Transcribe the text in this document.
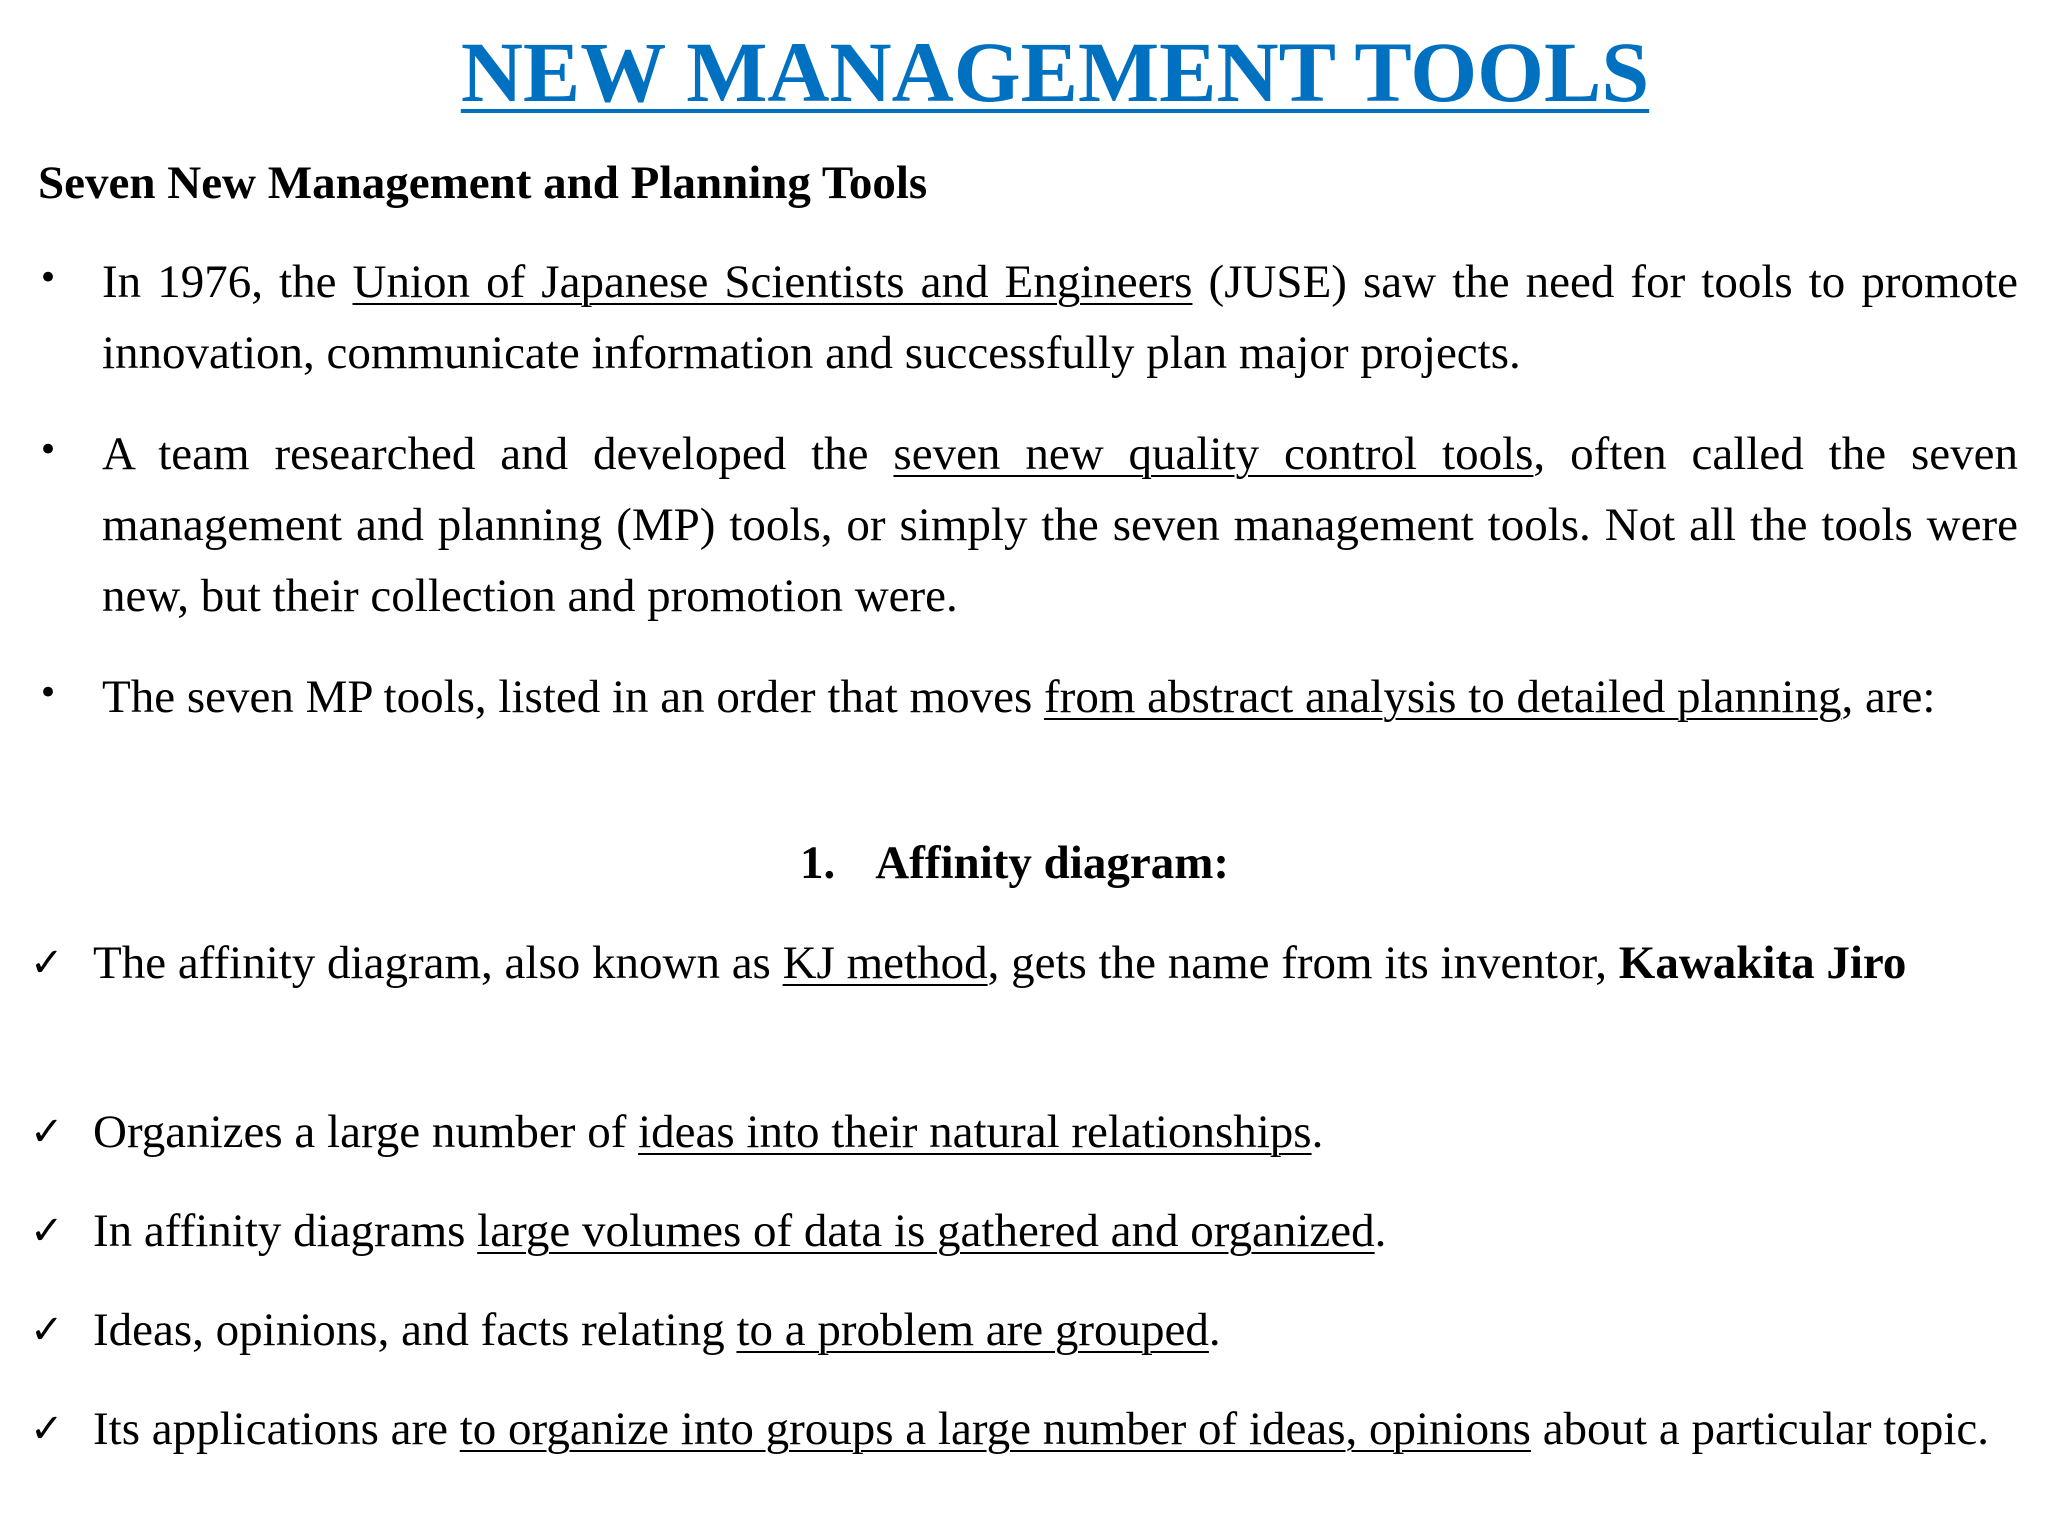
NEW MANAGEMENT TOOLS
Seven New Management and Planning Tools
• In 1976, the Union of Japanese Scientists and Engineers (JUSE) saw the need for tools to promote innovation, communicate information and successfully plan major projects.
• A team researched and developed the seven new quality control tools, often called the seven management and planning (MP) tools, or simply the seven management tools. Not all the tools were new, but their collection and promotion were.
• The seven MP tools, listed in an order that moves from abstract analysis to detailed planning, are:
1. Affinity diagram:
✓ The affinity diagram, also known as KJ method, gets the name from its inventor, Kawakita Jiro
✓ Organizes a large number of ideas into their natural relationships.
✓ In affinity diagrams large volumes of data is gathered and organized.
✓ Ideas, opinions, and facts relating to a problem are grouped.
✓ Its applications are to organize into groups a large number of ideas, opinions about a particular topic.
